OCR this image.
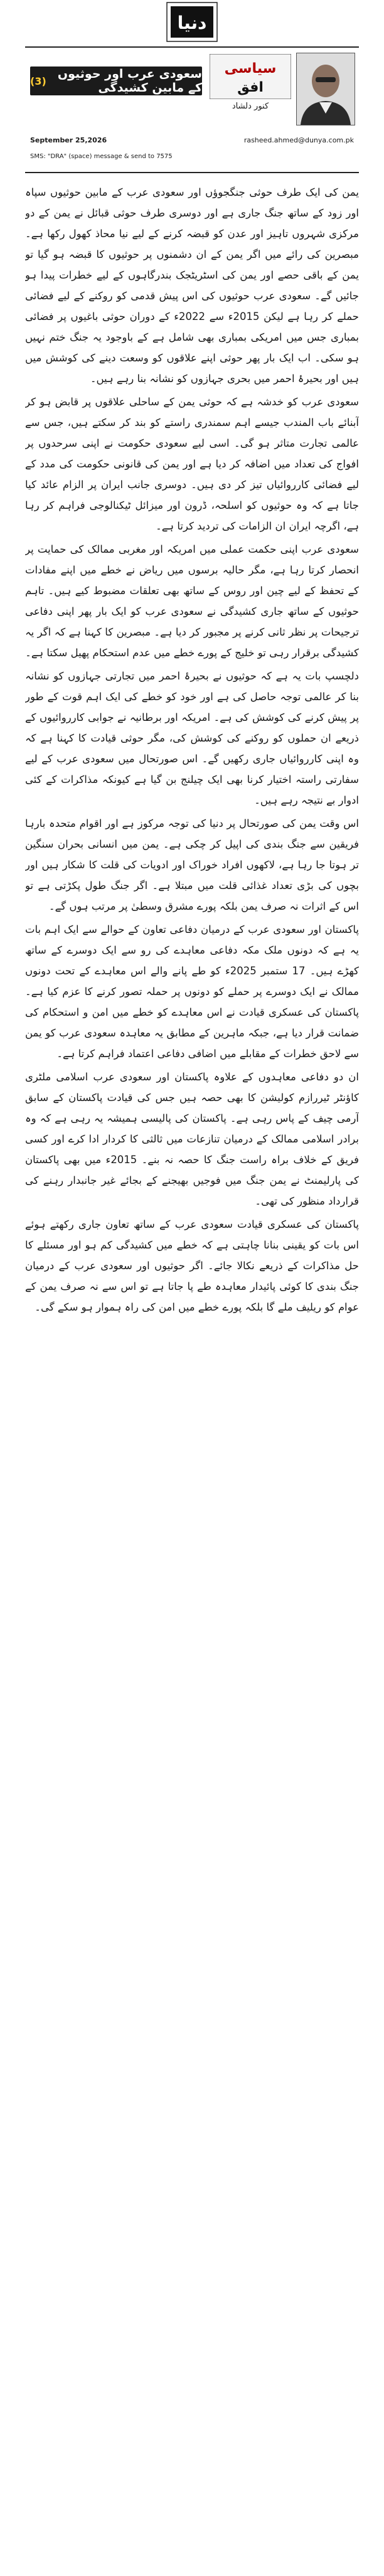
دنیا
سیاسی
افق
کنور دلشاد
سعودی عرب اور حوثیوں کے مابین کشیدگی
(3)
September 25,2026	rasheed.ahmed@dunya.com.pk
SMS: "DRA" (space) message & send to 7575

یمن کی ایک طرف حوثی جنگجوؤں اور سعودی عرب کے مابین حوثیوں سپاہ اور زود کے ساتھ جنگ جاری ہے اور دوسری طرف حوثی قبائل نے یمن کے دو مرکزی شہروں تاہیز اور عدن کو قبضہ کرنے کے لیے نیا محاذ کھول رکھا ہے۔ مبصرین کی رائے میں اگر یمن کے ان دشمنوں پر حوثیوں کا قبضہ ہو گیا تو یمن کے باقی حصے اور یمن کی اسٹریٹجک بندرگاہوں کے لیے خطرات پیدا ہو جائیں گے۔ سعودی عرب حوثیوں کی اس پیش قدمی کو روکنے کے لیے فضائی حملے کر رہا ہے لیکن 2015ء سے 2022ء کے دوران حوثی باغیوں پر فضائی بمباری جس میں امریکی بمباری بھی شامل ہے کے باوجود یہ جنگ ختم نہیں ہو سکی۔ اب ایک بار پھر حوثی اپنے علاقوں کو وسعت دینے کی کوشش میں ہیں اور بحیرۂ احمر میں بحری جہازوں کو نشانہ بنا رہے ہیں۔

سعودی عرب کو خدشہ ہے کہ حوثی یمن کے ساحلی علاقوں پر قابض ہو کر آبنائے باب المندب جیسے اہم سمندری راستے کو بند کر سکتے ہیں، جس سے عالمی تجارت متاثر ہو گی۔ اسی لیے سعودی حکومت نے اپنی سرحدوں پر افواج کی تعداد میں اضافہ کر دیا ہے اور یمن کی قانونی حکومت کی مدد کے لیے فضائی کارروائیاں تیز کر دی ہیں۔ دوسری جانب ایران پر الزام عائد کیا جاتا ہے کہ وہ حوثیوں کو اسلحہ، ڈرون اور میزائل ٹیکنالوجی فراہم کر رہا ہے، اگرچہ ایران ان الزامات کی تردید کرتا ہے۔

سعودی عرب اپنی حکمت عملی میں امریکہ اور مغربی ممالک کی حمایت پر انحصار کرتا رہا ہے، مگر حالیہ برسوں میں ریاض نے خطے میں اپنے مفادات کے تحفظ کے لیے چین اور روس کے ساتھ بھی تعلقات مضبوط کیے ہیں۔ تاہم حوثیوں کے ساتھ جاری کشیدگی نے سعودی عرب کو ایک بار پھر اپنی دفاعی ترجیحات پر نظر ثانی کرنے پر مجبور کر دیا ہے۔ مبصرین کا کہنا ہے کہ اگر یہ کشیدگی برقرار رہی تو خلیج کے پورے خطے میں عدم استحکام پھیل سکتا ہے۔

دلچسپ بات یہ ہے کہ حوثیوں نے بحیرۂ احمر میں تجارتی جہازوں کو نشانہ بنا کر عالمی توجہ حاصل کی ہے اور خود کو خطے کی ایک اہم قوت کے طور پر پیش کرنے کی کوشش کی ہے۔ امریکہ اور برطانیہ نے جوابی کارروائیوں کے ذریعے ان حملوں کو روکنے کی کوشش کی، مگر حوثی قیادت کا کہنا ہے کہ وہ اپنی کارروائیاں جاری رکھیں گے۔ اس صورتحال میں سعودی عرب کے لیے سفارتی راستہ اختیار کرنا بھی ایک چیلنج بن گیا ہے کیونکہ مذاکرات کے کئی ادوار بے نتیجہ رہے ہیں۔

اس وقت یمن کی صورتحال پر دنیا کی توجہ مرکوز ہے اور اقوام متحدہ بارہا فریقین سے جنگ بندی کی اپیل کر چکی ہے۔ یمن میں انسانی بحران سنگین تر ہوتا جا رہا ہے، لاکھوں افراد خوراک اور ادویات کی قلت کا شکار ہیں اور بچوں کی بڑی تعداد غذائی قلت میں مبتلا ہے۔ اگر جنگ طول پکڑتی ہے تو اس کے اثرات نہ صرف یمن بلکہ پورے مشرق وسطیٰ پر مرتب ہوں گے۔

پاکستان اور سعودی عرب کے درمیان دفاعی تعاون کے حوالے سے ایک اہم بات یہ ہے کہ دونوں ملک مکہ دفاعی معاہدے کی رو سے ایک دوسرے کے ساتھ کھڑے ہیں۔ 17 ستمبر 2025ء کو طے پانے والے اس معاہدے کے تحت دونوں ممالک نے ایک دوسرے پر حملے کو دونوں پر حملہ تصور کرنے کا عزم کیا ہے۔ پاکستان کی عسکری قیادت نے اس معاہدے کو خطے میں امن و استحکام کی ضمانت قرار دیا ہے، جبکہ ماہرین کے مطابق یہ معاہدہ سعودی عرب کو یمن سے لاحق خطرات کے مقابلے میں اضافی دفاعی اعتماد فراہم کرتا ہے۔

ان دو دفاعی معاہدوں کے علاوہ پاکستان اور سعودی عرب اسلامی ملٹری کاؤنٹر ٹیررازم کولیشن کا بھی حصہ ہیں جس کی قیادت پاکستان کے سابق آرمی چیف کے پاس رہی ہے۔ پاکستان کی پالیسی ہمیشہ یہ رہی ہے کہ وہ برادر اسلامی ممالک کے درمیان تنازعات میں ثالثی کا کردار ادا کرے اور کسی فریق کے خلاف براہ راست جنگ کا حصہ نہ بنے۔ 2015ء میں بھی پاکستان کی پارلیمنٹ نے یمن جنگ میں فوجیں بھیجنے کے بجائے غیر جانبدار رہنے کی قرارداد منظور کی تھی۔

پاکستان کی عسکری قیادت سعودی عرب کے ساتھ تعاون جاری رکھتے ہوئے اس بات کو یقینی بنانا چاہتی ہے کہ خطے میں کشیدگی کم ہو اور مسئلے کا حل مذاکرات کے ذریعے نکالا جائے۔ اگر حوثیوں اور سعودی عرب کے درمیان جنگ بندی کا کوئی پائیدار معاہدہ طے پا جاتا ہے تو اس سے نہ صرف یمن کے عوام کو ریلیف ملے گا بلکہ پورے خطے میں امن کی راہ ہموار ہو سکے گی۔
